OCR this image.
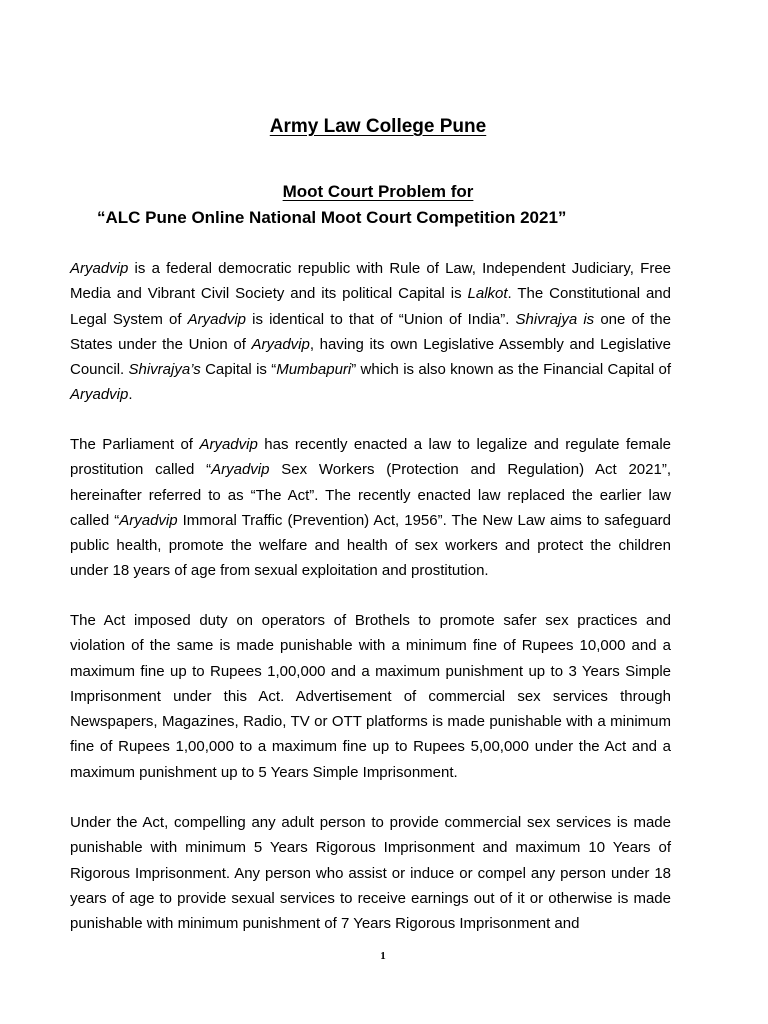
Army Law College Pune
Moot Court Problem for
“ALC Pune Online National Moot Court Competition 2021”

Aryadvip is a federal democratic republic with Rule of Law, Independent Judiciary, Free Media and Vibrant Civil Society and its political Capital is Lalkot. The Constitutional and Legal System of Aryadvip is identical to that of “Union of India”. Shivrajya is one of the States under the Union of Aryadvip, having its own Legislative Assembly and Legislative Council. Shivrajya’s Capital is “Mumbapuri” which is also known as the Financial Capital of Aryadvip.

The Parliament of Aryadvip has recently enacted a law to legalize and regulate female prostitution called “Aryadvip Sex Workers (Protection and Regulation) Act 2021”, hereinafter referred to as “The Act”. The recently enacted law replaced the earlier law called “Aryadvip Immoral Traffic (Prevention) Act, 1956”. The New Law aims to safeguard public health, promote the welfare and health of sex workers and protect the children under 18 years of age from sexual exploitation and prostitution.

The Act imposed duty on operators of Brothels to promote safer sex practices and violation of the same is made punishable with a minimum fine of Rupees 10,000 and a maximum fine up to Rupees 1,00,000 and a maximum punishment up to 3 Years Simple Imprisonment under this Act. Advertisement of commercial sex services through Newspapers, Magazines, Radio, TV or OTT platforms is made punishable with a minimum fine of Rupees 1,00,000 to a maximum fine up to Rupees 5,00,000 under the Act and a maximum punishment up to 5 Years Simple Imprisonment.

Under the Act, compelling any adult person to provide commercial sex services is made punishable with minimum 5 Years Rigorous Imprisonment and maximum 10 Years of Rigorous Imprisonment. Any person who assist or induce or compel any person under 18 years of age to provide sexual services to receive earnings out of it or otherwise is made punishable with minimum punishment of 7 Years Rigorous Imprisonment and

1
